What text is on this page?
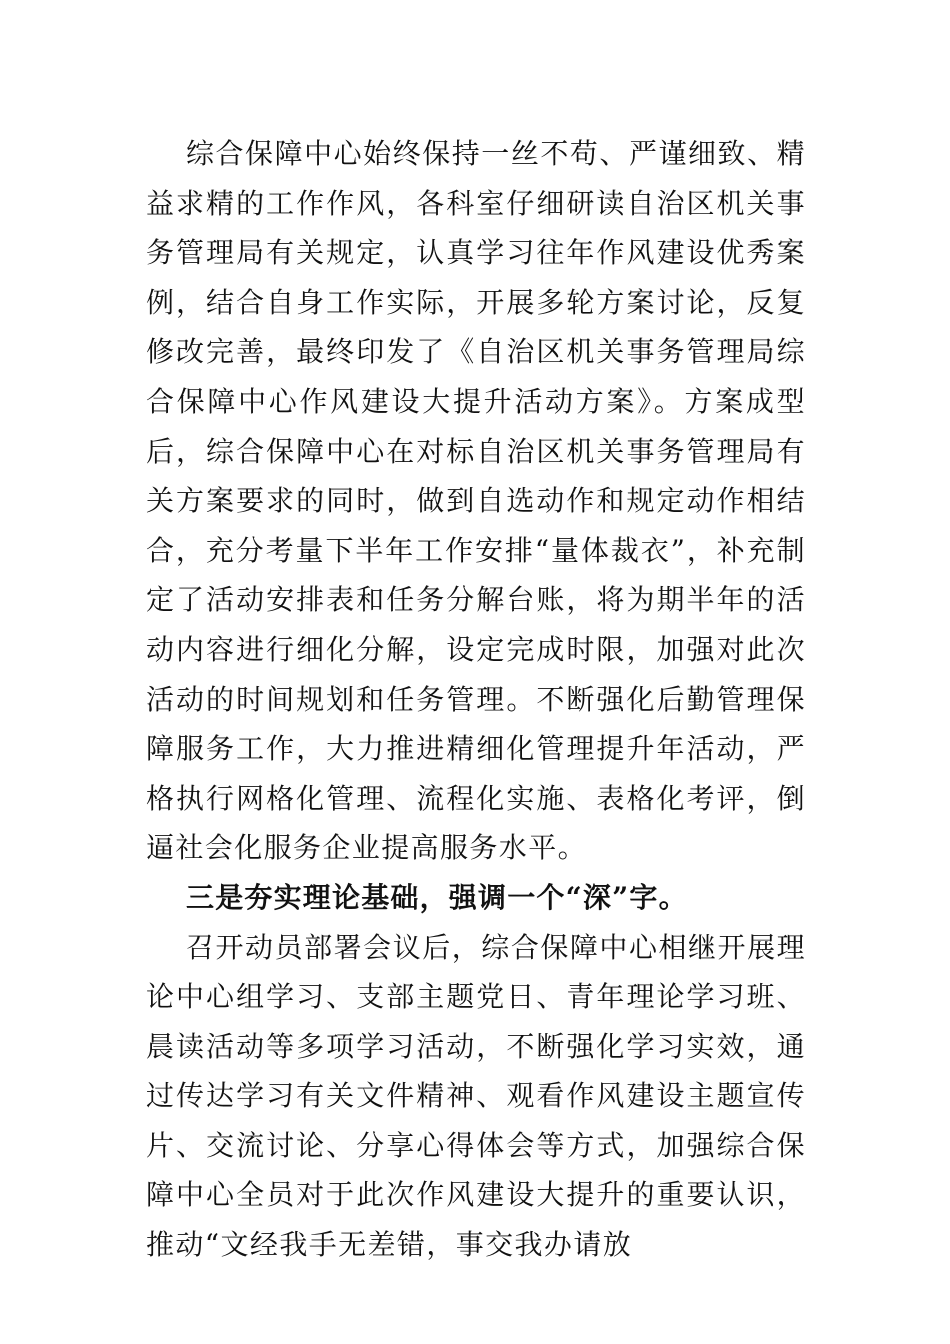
综合保障中心始终保持一丝不苟、严谨细致、精益求精的工作作风，各科室仔细研读自治区机关事务管理局有关规定，认真学习往年作风建设优秀案例，结合自身工作实际，开展多轮方案讨论，反复修改完善，最终印发了《自治区机关事务管理局综合保障中心作风建设大提升活动方案》。方案成型后，综合保障中心在对标自治区机关事务管理局有关方案要求的同时，做到自选动作和规定动作相结合，充分考量下半年工作安排“量体裁衣”，补充制定了活动安排表和任务分解台账，将为期半年的活动内容进行细化分解，设定完成时限，加强对此次活动的时间规划和任务管理。不断强化后勤管理保障服务工作，大力推进精细化管理提升年活动，严格执行网格化管理、流程化实施、表格化考评，倒逼社会化服务企业提高服务水平。

三是夯实理论基础，强调一个“深”字。

召开动员部署会议后，综合保障中心相继开展理论中心组学习、支部主题党日、青年理论学习班、晨读活动等多项学习活动，不断强化学习实效，通过传达学习有关文件精神、观看作风建设主题宣传片、交流讨论、分享心得体会等方式，加强综合保障中心全员对于此次作风建设大提升的重要认识，推动“文经我手无差错，事交我办请放
